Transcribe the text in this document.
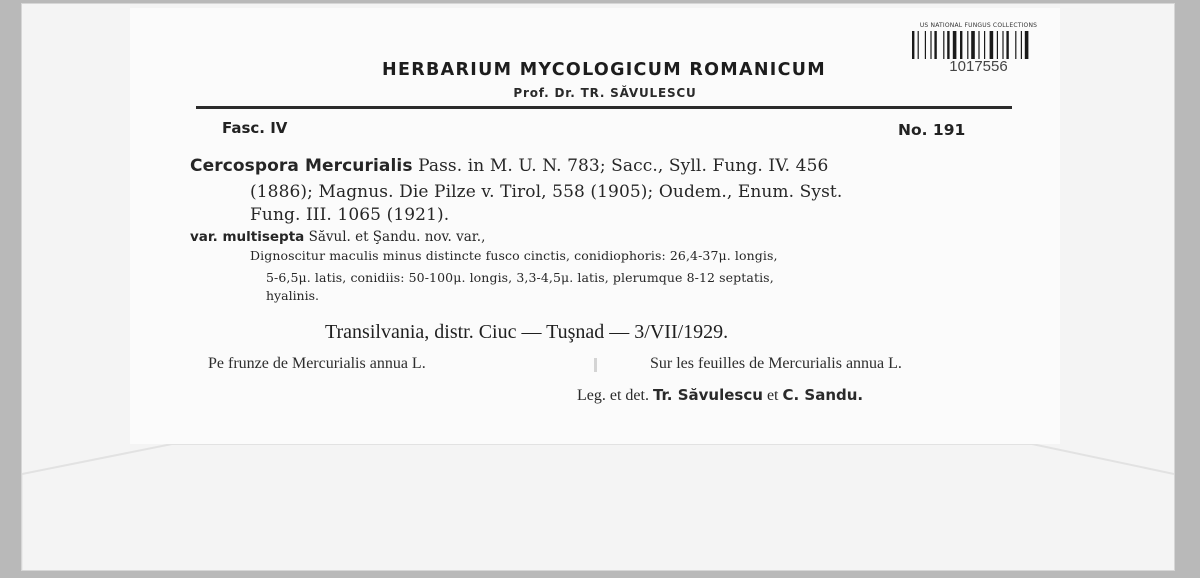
US NATIONAL FUNGUS COLLECTIONS
1017556
HERBARIUM MYCOLOGICUM ROMANICUM
Prof. Dr. TR. SĂVULESCU
Fasc. IV	No. 191
Cercospora Mercurialis Pass. in M. U. N. 783; Sacc., Syll. Fung. IV. 456
(1886); Magnus. Die Pilze v. Tirol, 558 (1905); Oudem., Enum. Syst.
Fung. III. 1065 (1921).
var. multisepta Săvul. et Şandu. nov. var.,
Dignoscitur maculis minus distincte fusco cinctis, conidiophoris: 26,4-37μ. longis,
5-6,5μ. latis, conidiis: 50-100μ. longis, 3,3-4,5μ. latis, plerumque 8-12 septatis,
hyalinis.
Transilvania, distr. Ciuc — Tuşnad — 3/VII/1929.
Pe frunze de Mercurialis annua L.	Sur les feuilles de Mercurialis annua L.
Leg. et det. Tr. Săvulescu et C. Sandu.
